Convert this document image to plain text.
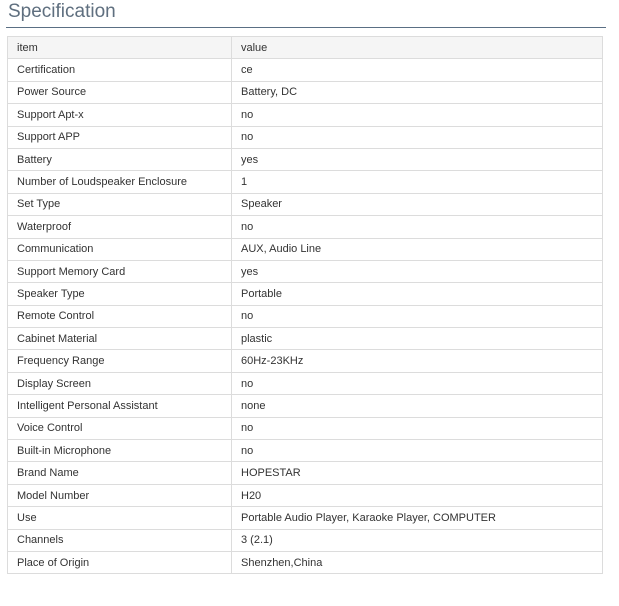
Specification
item	value
Certification	ce
Power Source	Battery, DC
Support Apt-x	no
Support APP	no
Battery	yes
Number of Loudspeaker Enclosure	1
Set Type	Speaker
Waterproof	no
Communication	AUX, Audio Line
Support Memory Card	yes
Speaker Type	Portable
Remote Control	no
Cabinet Material	plastic
Frequency Range	60Hz-23KHz
Display Screen	no
Intelligent Personal Assistant	none
Voice Control	no
Built-in Microphone	no
Brand Name	HOPESTAR
Model Number	H20
Use	Portable Audio Player, Karaoke Player, COMPUTER
Channels	3 (2.1)
Place of Origin	Shenzhen,China
